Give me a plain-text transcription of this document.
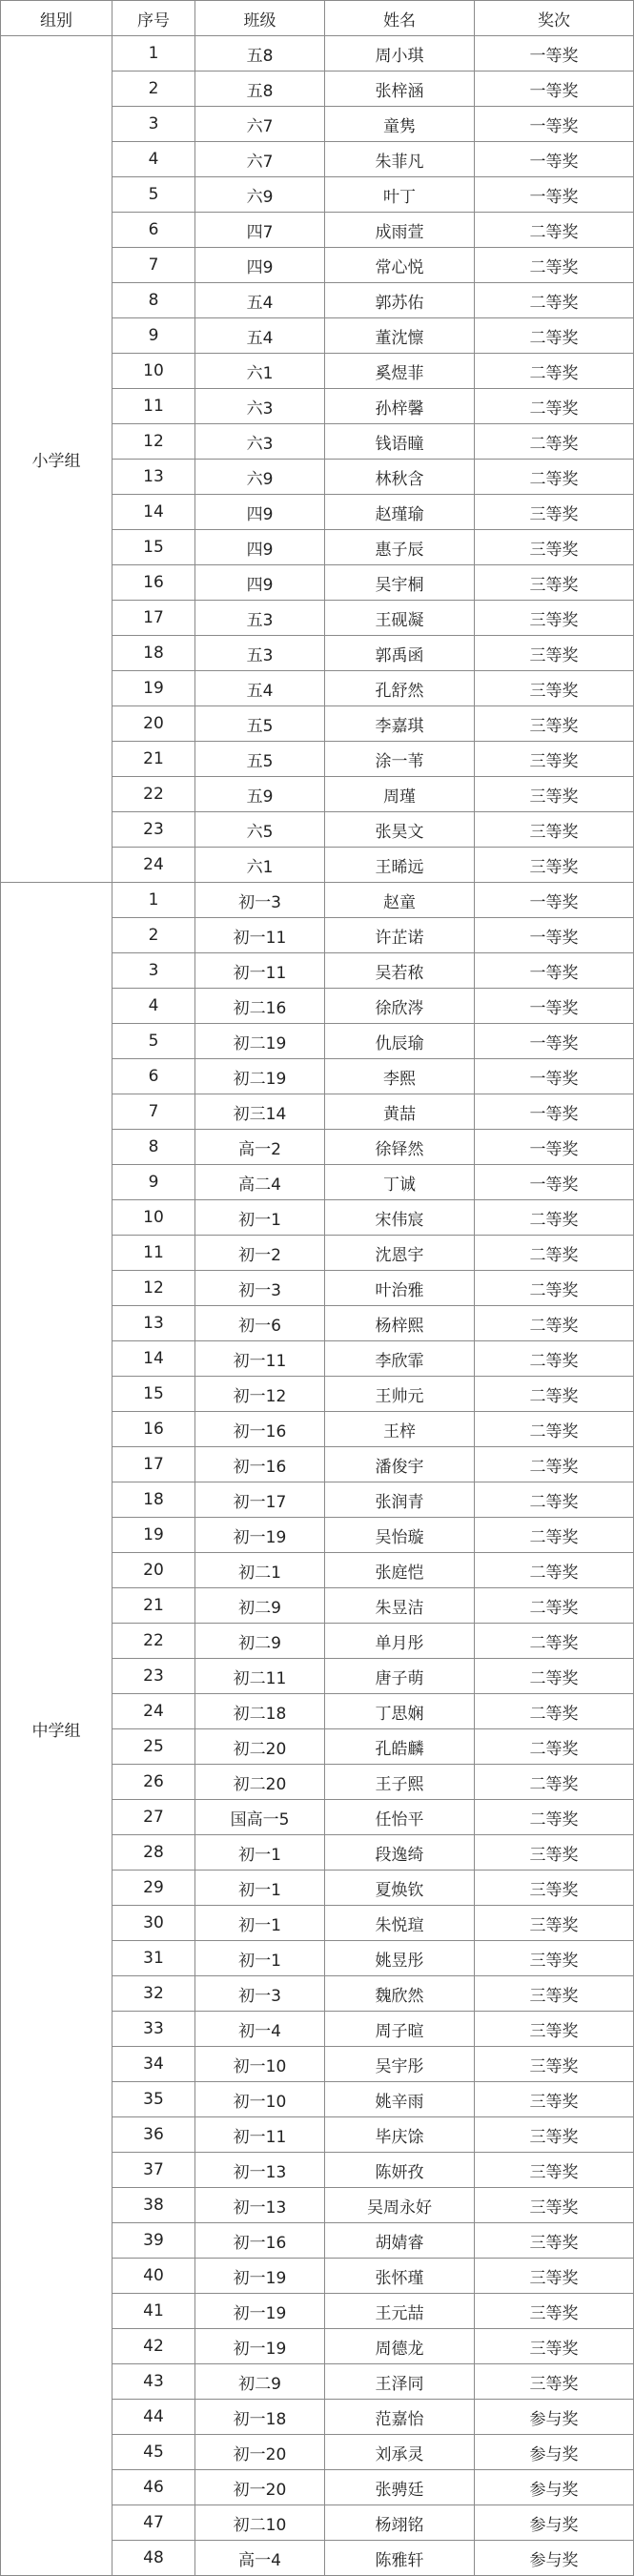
组别	序号	班级	姓名	奖次
小学组	1	五8	周小琪	一等奖
	2	五8	张梓涵	一等奖
	3	六7	童隽	一等奖
	4	六7	朱菲凡	一等奖
	5	六9	叶丁	一等奖
	6	四7	成雨萱	二等奖
	7	四9	常心悦	二等奖
	8	五4	郭苏佑	二等奖
	9	五4	董沈懔	二等奖
	10	六1	奚煜菲	二等奖
	11	六3	孙梓馨	二等奖
	12	六3	钱语瞳	二等奖
	13	六9	林秋含	二等奖
	14	四9	赵瑾瑜	三等奖
	15	四9	惠子辰	三等奖
	16	四9	吴宇桐	三等奖
	17	五3	王砚凝	三等奖
	18	五3	郭禹函	三等奖
	19	五4	孔舒然	三等奖
	20	五5	李嘉琪	三等奖
	21	五5	涂一苇	三等奖
	22	五9	周瑾	三等奖
	23	六5	张昊文	三等奖
	24	六1	王晞远	三等奖
中学组	1	初一3	赵童	一等奖
	2	初一11	许芷诺	一等奖
	3	初一11	吴若秾	一等奖
	4	初二16	徐欣涔	一等奖
	5	初二19	仇辰瑜	一等奖
	6	初二19	李熙	一等奖
	7	初三14	黄喆	一等奖
	8	高一2	徐铎然	一等奖
	9	高二4	丁诚	一等奖
	10	初一1	宋伟宸	二等奖
	11	初一2	沈恩宇	二等奖
	12	初一3	叶治雅	二等奖
	13	初一6	杨梓熙	二等奖
	14	初一11	李欣霏	二等奖
	15	初一12	王帅元	二等奖
	16	初一16	王梓	二等奖
	17	初一16	潘俊宇	二等奖
	18	初一17	张润青	二等奖
	19	初一19	吴怡璇	二等奖
	20	初二1	张庭恺	二等奖
	21	初二9	朱昱洁	二等奖
	22	初二9	单月彤	二等奖
	23	初二11	唐子萌	二等奖
	24	初二18	丁思娴	二等奖
	25	初二20	孔皓麟	二等奖
	26	初二20	王子熙	二等奖
	27	国高一5	任怡平	二等奖
	28	初一1	段逸绮	三等奖
	29	初一1	夏焕钦	三等奖
	30	初一1	朱悦瑄	三等奖
	31	初一1	姚昱彤	三等奖
	32	初一3	魏欣然	三等奖
	33	初一4	周子暄	三等奖
	34	初一10	吴宇彤	三等奖
	35	初一10	姚辛雨	三等奖
	36	初一11	毕庆馀	三等奖
	37	初一13	陈妍孜	三等奖
	38	初一13	吴周永好	三等奖
	39	初一16	胡婧睿	三等奖
	40	初一19	张怀瑾	三等奖
	41	初一19	王元喆	三等奖
	42	初一19	周德龙	三等奖
	43	初二9	王泽同	三等奖
	44	初一18	范嘉怡	参与奖
	45	初一20	刘承灵	参与奖
	46	初一20	张骋廷	参与奖
	47	初二10	杨翊铭	参与奖
	48	高一4	陈雅轩	参与奖
